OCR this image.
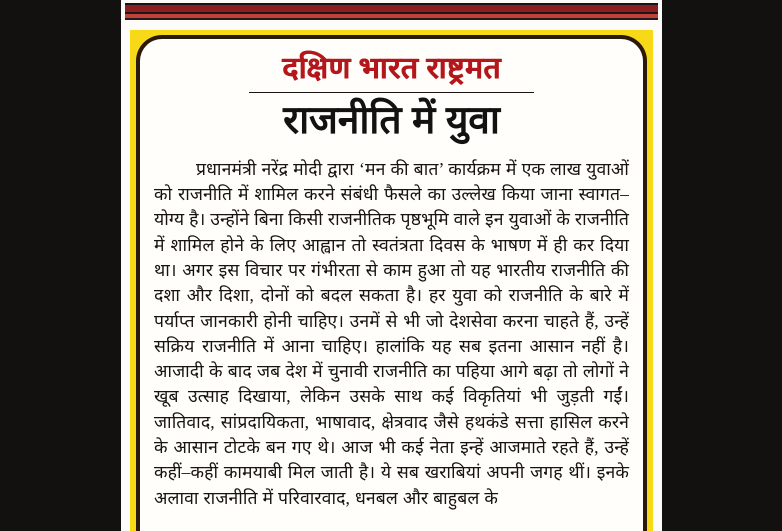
दक्षिण भारत राष्ट्रमत
राजनीति में युवा

प्रधानमंत्री नरेंद्र मोदी द्वारा ‘मन की बात’ कार्यक्रम में एक लाख युवाओं को राजनीति में शामिल करने संबंधी फैसले का उल्लेख किया जाना स्वागत–योग्य है। उन्होंने बिना किसी राजनीतिक पृष्ठभूमि वाले इन युवाओं के राजनीति में शामिल होने के लिए आह्वान तो स्वतंत्रता दिवस के भाषण में ही कर दिया था। अगर इस विचार पर गंभीरता से काम हुआ तो यह भारतीय राजनीति की दशा और दिशा, दोनों को बदल सकता है। हर युवा को राजनीति के बारे में पर्याप्त जानकारी होनी चाहिए। उनमें से भी जो देशसेवा करना चाहते हैं, उन्हें सक्रिय राजनीति में आना चाहिए। हालांकि यह सब इतना आसान नहीं है। आजादी के बाद जब देश में चुनावी राजनीति का पहिया आगे बढ़ा तो लोगों ने खूब उत्साह दिखाया, लेकिन उसके साथ कई विकृतियां भी जुड़ती गईं। जातिवाद, सांप्रदायिकता, भाषावाद, क्षेत्रवाद जैसे हथकंडे सत्ता हासिल करने के आसान टोटके बन गए थे। आज भी कई नेता इन्हें आजमाते रहते हैं, उन्हें कहीं–कहीं कामयाबी मिल जाती है। ये सब खराबियां अपनी जगह थीं। इनके अलावा राजनीति में परिवारवाद, धनबल और बाहुबल के
